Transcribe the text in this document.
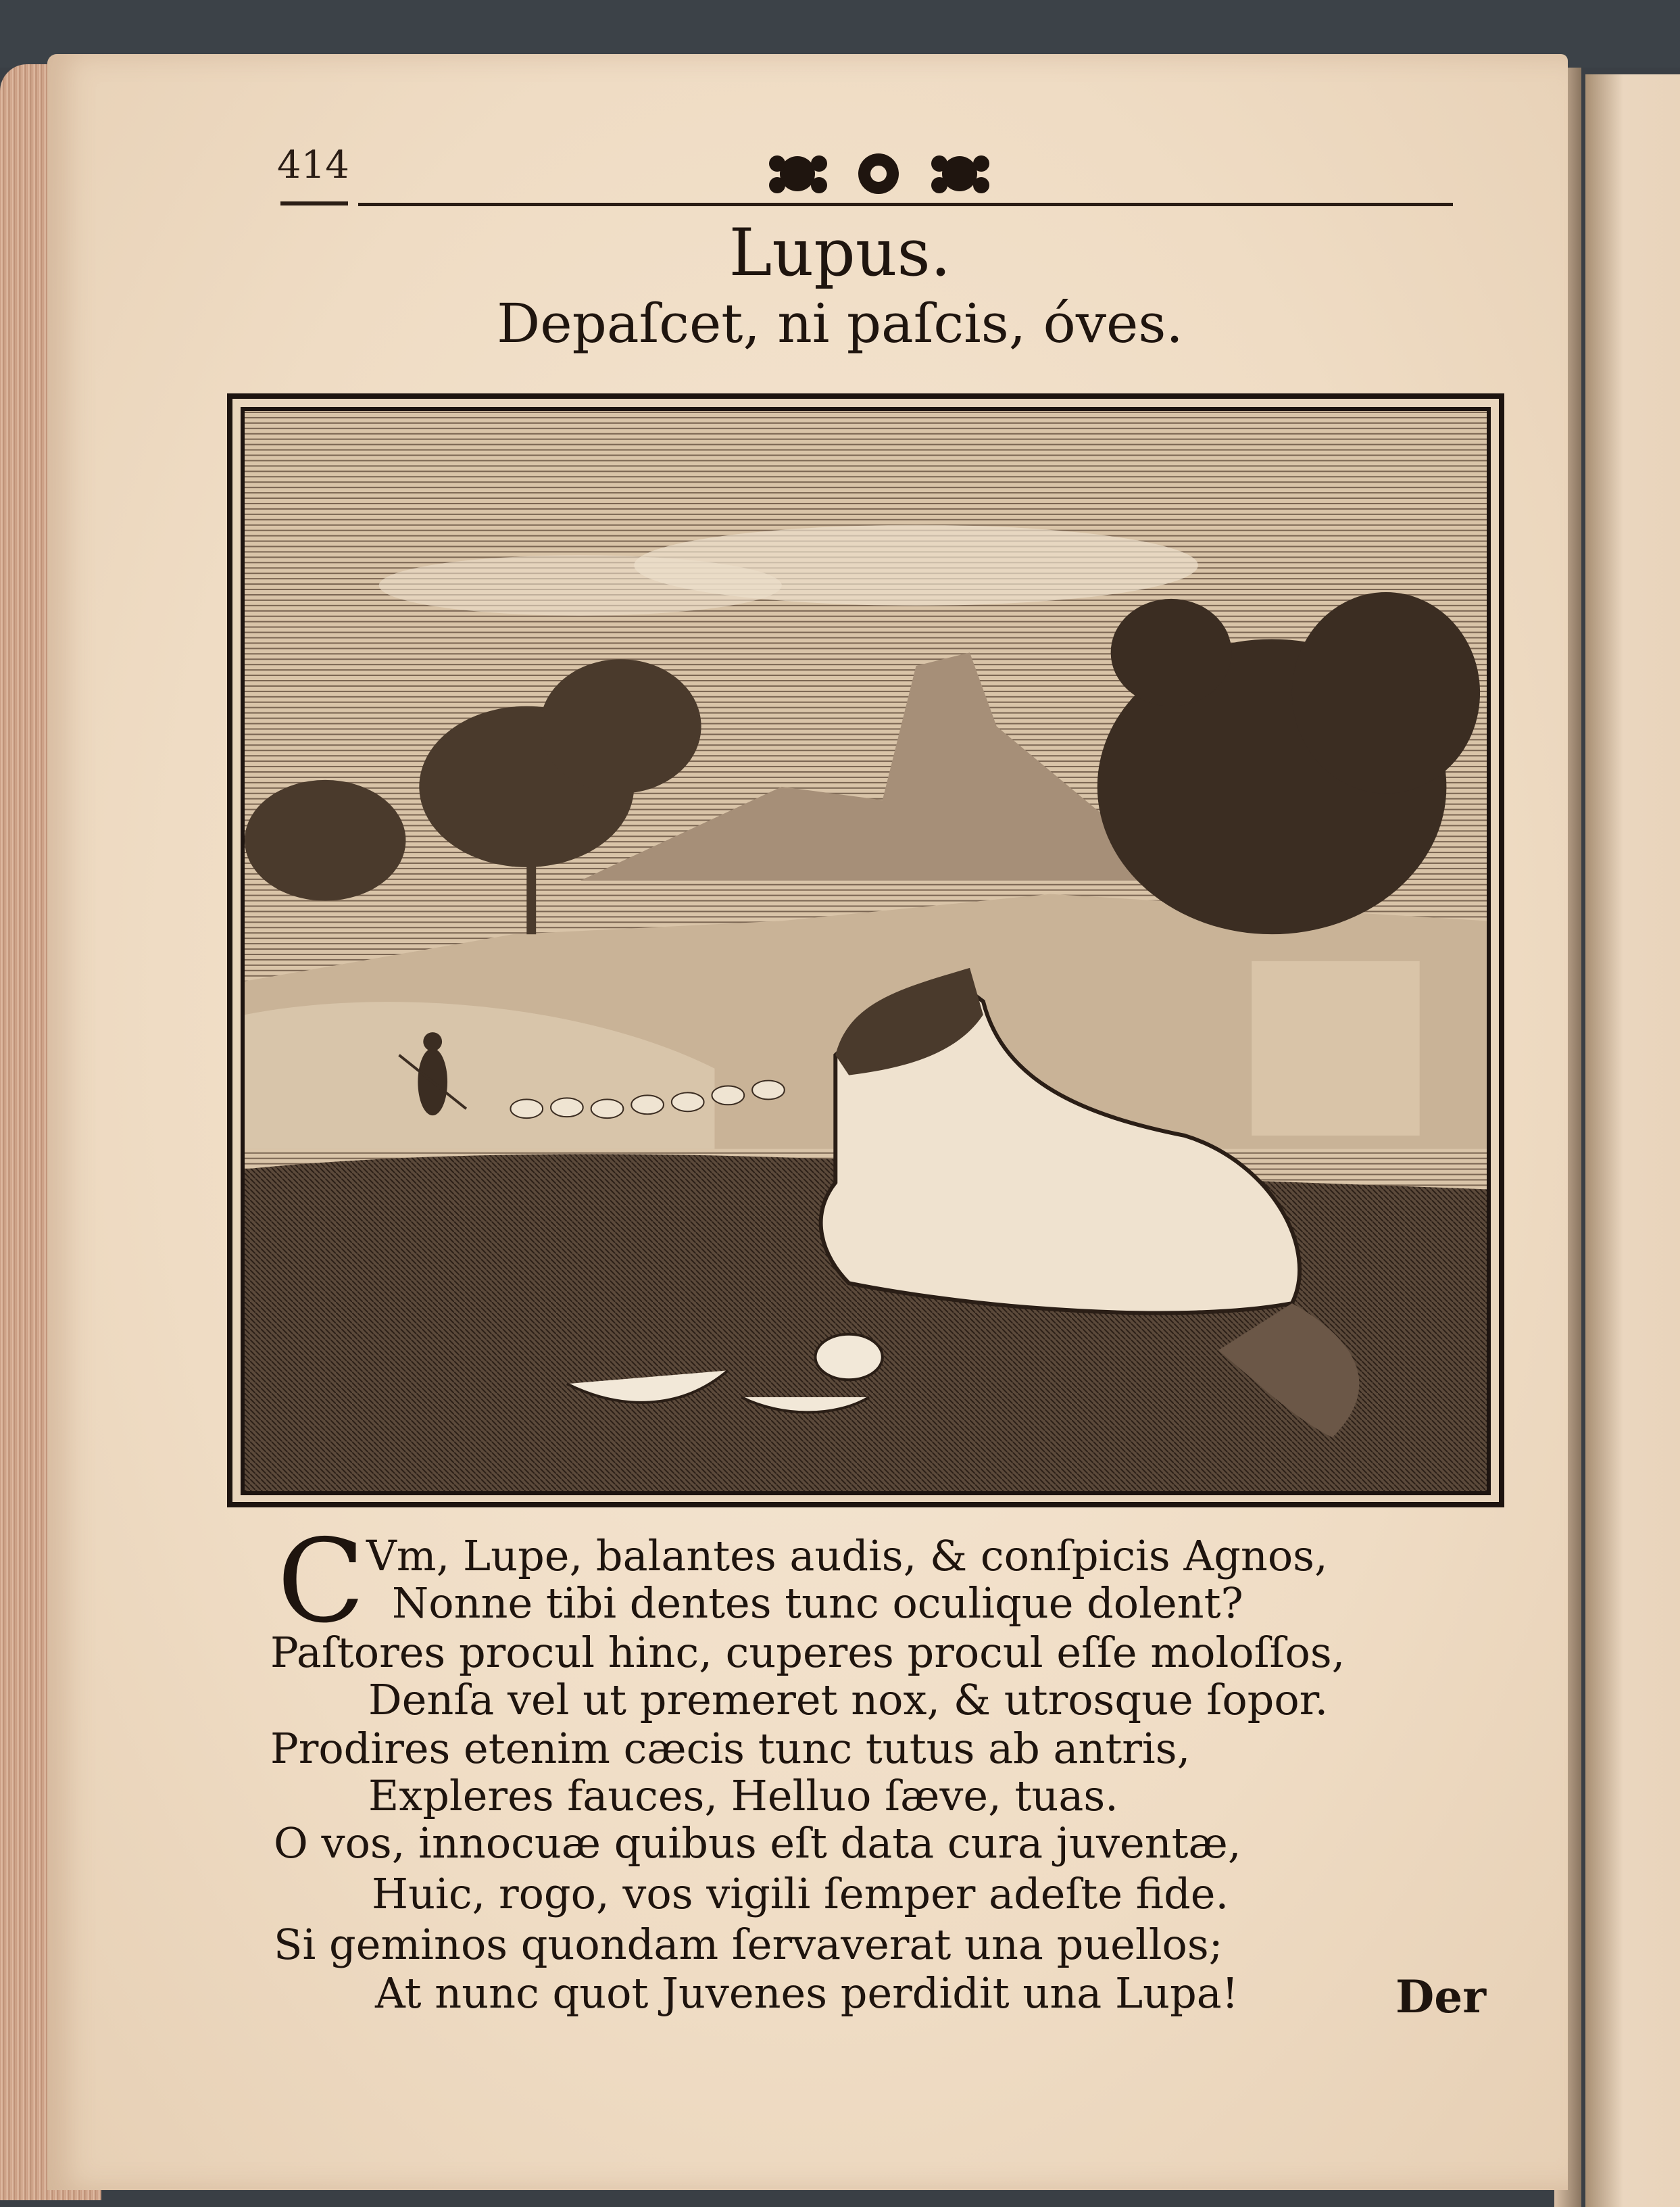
414
Lupus.
Depaſcet, ni paſcis, óves.
C Vm, Lupe, balantes audis, & conſpicis Agnos,
Nonne tibi dentes tunc oculique dolent?
Paſtores procul hinc, cuperes procul eſſe moloſſos,
Denſa vel ut premeret nox, & utrosque ſopor.
Prodires etenim cæcis tunc tutus ab antris,
Expleres fauces, Helluo ſæve, tuas.
O vos, innocuæ quibus eſt data cura juventæ,
Huic, rogo, vos vigili ſemper adeſte fide.
Si geminos quondam ſervaverat una puellos;
At nunc quot Juvenes perdidit una Lupa!	Der
